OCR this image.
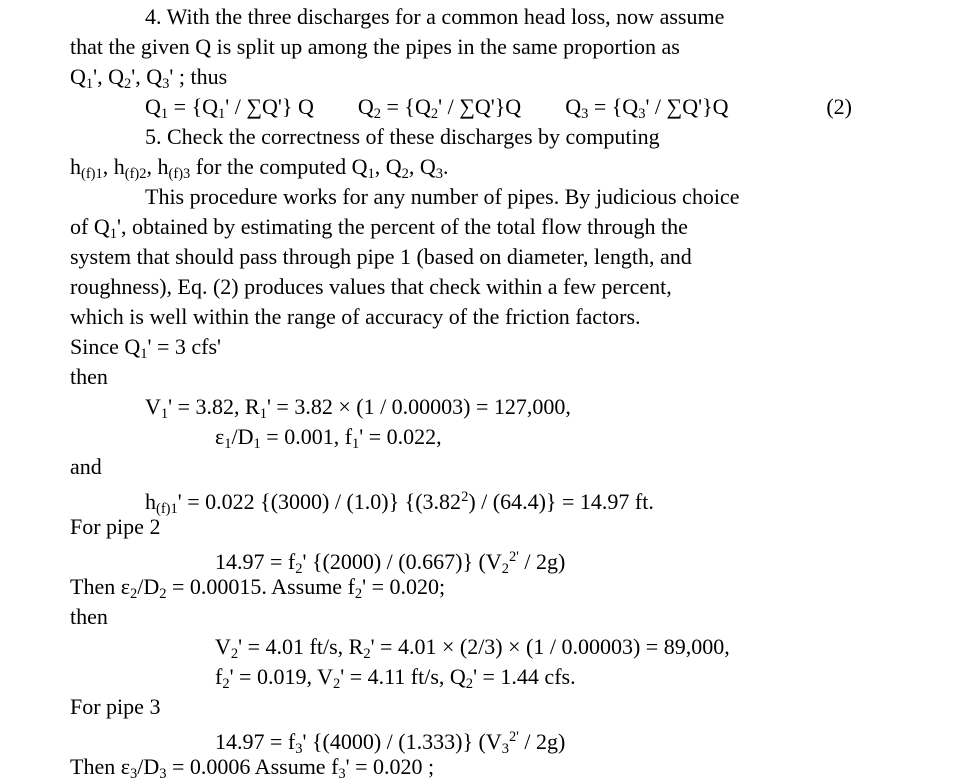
4. With the three discharges for a common head loss, now assume
that the given Q is split up among the pipes in the same proportion as
$Q_1'$, $Q_2'$, $Q_3'$ ; thus
(2)
$Q_1 = \{Q_1' / \sum Q'\}$ Q $Q_2 = \{Q_2' / \sum Q'\}Q$ $Q_3 = \{Q_3' / \sum Q'\}Q$
5. Check the correctness of these discharges by computing
$h_{(f)1}$, $h_{(f)2}$, $h_{(f)3}$ for the computed $Q_1$, $Q_2$, $Q_3$.
This procedure works for any number of pipes. By judicious choice
of $Q_1'$, obtained by estimating the percent of the total flow through the
system that should pass through pipe 1 (based on diameter, length, and
roughness), Eq. (2) produces values that check within a few percent,
which is well within the range of accuracy of the friction factors.
Since $Q_1' = 3$ cfs'
then
$V_1' = 3.82$, $R_1' = 3.82 \times (1 / 0.00003) = 127,000$,
$\varepsilon_1/D_1 = 0.001$, $f_1' = 0.022$,
and
$h_{(f)1}' = 0.022$ {(3000) / (1.0)} {(3.82$^2$) / (64.4)} = 14.97 ft.
For pipe 2
$14.97 = f_2'$ {(2000) / (0.667)} $(V_2^{2'} / 2g)$
Then $\varepsilon_2/D_2 = 0.00015$. Assume $f_2' = 0.020$;
then
$V_2' = 4.01$ ft/s, $R_2' = 4.01 \times (2/3) \times (1 / 0.00003) = 89,000$,
$f_2' = 0.019$, $V_2' = 4.11$ ft/s, $Q_2' = 1.44$ cfs.
For pipe 3
$14.97 = f_3'$ {(4000) / (1.333)} $(V_3^{2'} / 2g)$
Then $\varepsilon_3/D_3 = 0.0006$ Assume $f_3' = 0.020$ ;
